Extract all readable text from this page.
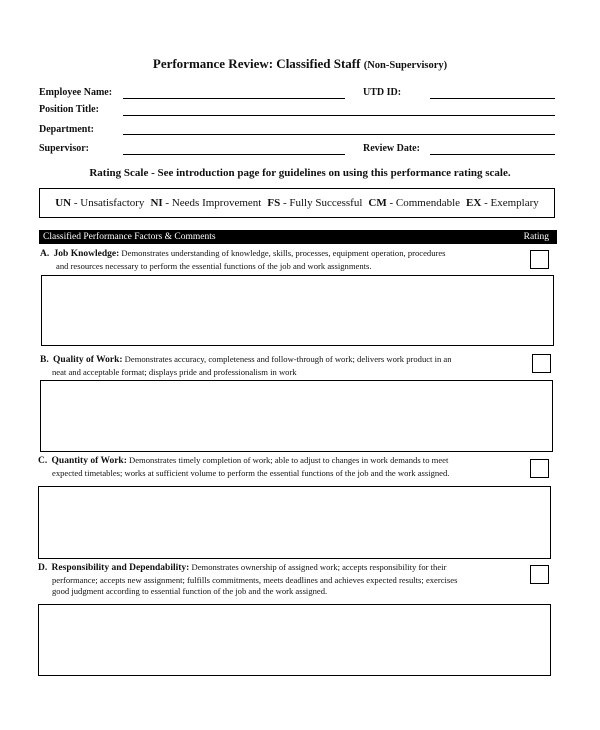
Performance Review: Classified Staff (Non-Supervisory)
Employee Name:	UTD ID:
Position Title:
Department:
Supervisor:	Review Date:
Rating Scale - See introduction page for guidelines on using this performance rating scale.
UN
- Unsatisfactory NI
- Needs Improvement FS
- Fully Successful CM
- Commendable EX
- Exemplary
Classified Performance Factors & Comments	Rating
A. Job Knowledge: Demonstrates understanding of knowledge, skills, processes, equipment operation, procedures
and resources necessary to perform the essential functions of the job and work assignments.
B. Quality of Work: Demonstrates accuracy, completeness and follow-through of work; delivers work product in an
neat and acceptable format; displays pride and professionalism in work
C. Quantity of Work: Demonstrates timely completion of work; able to adjust to changes in work demands to meet
expected timetables; works at sufficient volume to perform the essential functions of the job and the work assigned.
D. Responsibility and Dependability: Demonstrates ownership of assigned work; accepts responsibility for their
performance; accepts new assignment; fulfills commitments, meets deadlines and achieves expected results; exercises
good judgment according to essential function of the job and the work assigned.
